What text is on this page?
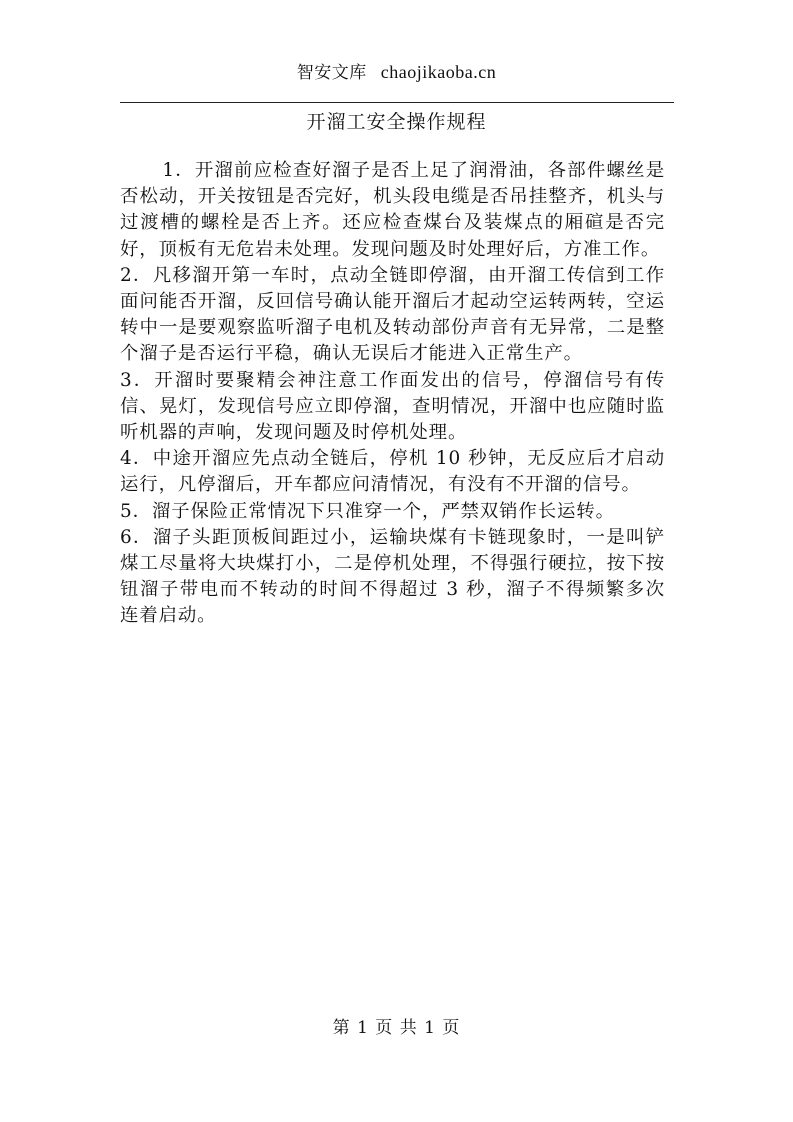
智安文库 chaojikaoba.cn
开溜工安全操作规程

1．开溜前应检查好溜子是否上足了润滑油，各部件螺丝是否松动，开关按钮是否完好，机头段电缆是否吊挂整齐，机头与过渡槽的螺栓是否上齐。还应检查煤台及装煤点的厢碹是否完好，顶板有无危岩未处理。发现问题及时处理好后，方准工作。

2．凡移溜开第一车时，点动全链即停溜，由开溜工传信到工作面问能否开溜，反回信号确认能开溜后才起动空运转两转，空运转中一是要观察监听溜子电机及转动部份声音有无异常，二是整个溜子是否运行平稳，确认无误后才能进入正常生产。

3．开溜时要聚精会神注意工作面发出的信号，停溜信号有传信、晃灯，发现信号应立即停溜，查明情况，开溜中也应随时监听机器的声响，发现问题及时停机处理。

4．中途开溜应先点动全链后，停机 10 秒钟，无反应后才启动运行，凡停溜后，开车都应问清情况，有没有不开溜的信号。

5．溜子保险正常情况下只准穿一个，严禁双销作长运转。

6．溜子头距顶板间距过小，运输块煤有卡链现象时，一是叫铲煤工尽量将大块煤打小，二是停机处理，不得强行硬拉，按下按钮溜子带电而不转动的时间不得超过 3 秒，溜子不得频繁多次连着启动。

第 1 页 共 1 页
